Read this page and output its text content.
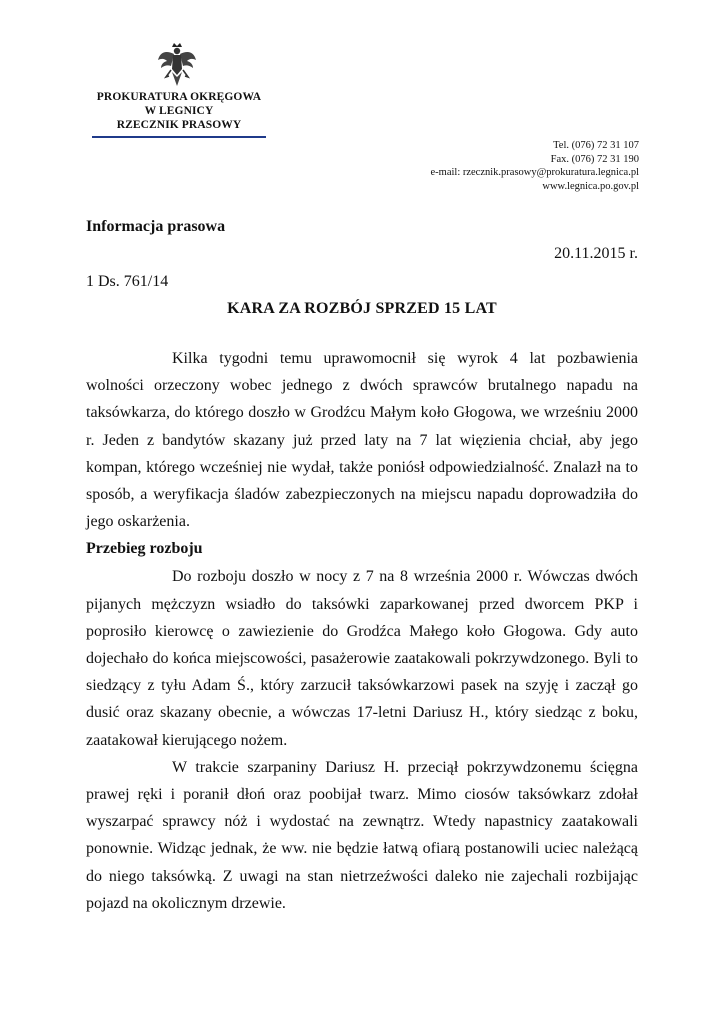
PROKURATURA OKRĘGOWA
W LEGNICY
RZECZNIK PRASOWY
Tel. (076) 72 31 107
Fax. (076) 72 31 190
e-mail: rzecznik.prasowy@prokuratura.legnica.pl
www.legnica.po.gov.pl
Informacja prasowa
20.11.2015 r.
1 Ds. 761/14
KARA ZA ROZBÓJ SPRZED 15 LAT

Kilka tygodni temu uprawomocnił się wyrok 4 lat pozbawienia wolności orzeczony wobec jednego z dwóch sprawców brutalnego napadu na taksówkarza, do którego doszło w Grodźcu Małym koło Głogowa, we wrześniu 2000 r. Jeden z bandytów skazany już przed laty na 7 lat więzienia chciał, aby jego kompan, którego wcześniej nie wydał, także poniósł odpowiedzialność. Znalazł na to sposób, a weryfikacja śladów zabezpieczonych na miejscu napadu doprowadziła do jego oskarżenia.

Przebieg rozboju

Do rozboju doszło w nocy z 7 na 8 września 2000 r. Wówczas dwóch pijanych mężczyzn wsiadło do taksówki zaparkowanej przed dworcem PKP i poprosiło kierowcę o zawiezienie do Grodźca Małego koło Głogowa. Gdy auto dojechało do końca miejscowości, pasażerowie zaatakowali pokrzywdzonego. Byli to siedzący z tyłu Adam Ś., który zarzucił taksówkarzowi pasek na szyję i zaczął go dusić oraz skazany obecnie, a wówczas 17-letni Dariusz H., który siedząc z boku, zaatakował kierującego nożem.

W trakcie szarpaniny Dariusz H. przeciął pokrzywdzonemu ścięgna prawej ręki i poranił dłoń oraz poobijał twarz. Mimo ciosów taksówkarz zdołał wyszarpać sprawcy nóż i wydostać na zewnątrz. Wtedy napastnicy zaatakowali ponownie. Widząc jednak, że ww. nie będzie łatwą ofiarą postanowili uciec należącą do niego taksówką. Z uwagi na stan nietrzeźwości daleko nie zajechali rozbijając pojazd na okolicznym drzewie.
